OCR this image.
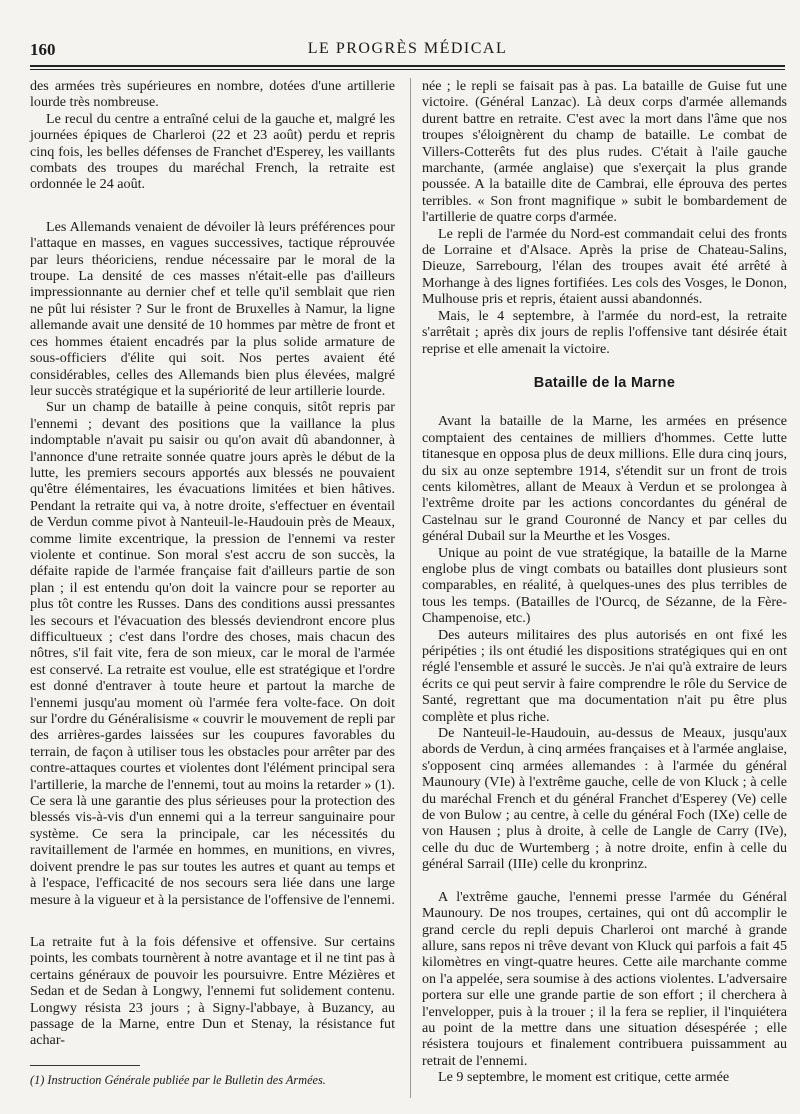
160	LE PROGRÈS MÉDICAL

des armées très supérieures en nombre, dotées d'une artillerie lourde très nombreuse.

Le recul du centre a entraîné celui de la gauche et, malgré les journées épiques de Charleroi (22 et 23 août) perdu et repris cinq fois, les belles défenses de Franchet d'Esperey, les vaillants combats des troupes du maréchal French, la retraite est ordonnée le 24 août.

Les Allemands venaient de dévoiler là leurs préférences pour l'attaque en masses, en vagues successives, tactique réprouvée par leurs théoriciens, rendue nécessaire par le moral de la troupe. La densité de ces masses n'était-elle pas d'ailleurs impressionnante au dernier chef et telle qu'il semblait que rien ne pût lui résister ? Sur le front de Bruxelles à Namur, la ligne allemande avait une densité de 10 hommes par mètre de front et ces hommes étaient encadrés par la plus solide armature de sous-officiers d'élite qui soit. Nos pertes avaient été considérables, celles des Allemands bien plus élevées, malgré leur succès stratégique et la supériorité de leur artillerie lourde.

Sur un champ de bataille à peine conquis, sitôt repris par l'ennemi ; devant des positions que la vaillance la plus indomptable n'avait pu saisir ou qu'on avait dû abandonner, à l'annonce d'une retraite sonnée quatre jours après le début de la lutte, les premiers secours apportés aux blessés ne pouvaient qu'être élémentaires, les évacuations limitées et bien hâtives. Pendant la retraite qui va, à notre droite, s'effectuer en éventail de Verdun comme pivot à Nanteuil-le-Haudouin près de Meaux, comme limite excentrique, la pression de l'ennemi va rester violente et continue. Son moral s'est accru de son succès, la défaite rapide de l'armée française fait d'ailleurs partie de son plan ; il est entendu qu'on doit la vaincre pour se reporter au plus tôt contre les Russes. Dans des conditions aussi pressantes les secours et l'évacuation des blessés deviendront encore plus difficultueux ; c'est dans l'ordre des choses, mais chacun des nôtres, s'il fait vite, fera de son mieux, car le moral de l'armée est conservé. La retraite est voulue, elle est stratégique et l'ordre est donné d'entraver à toute heure et partout la marche de l'ennemi jusqu'au moment où l'armée fera volte-face. On doit sur l'ordre du Généralisisme « couvrir le mouvement de repli par des arrières-gardes laissées sur les coupures favorables du terrain, de façon à utiliser tous les obstacles pour arrêter par des contre-attaques courtes et violentes dont l'élément principal sera l'artillerie, la marche de l'ennemi, tout au moins la retarder » (1). Ce sera là une garantie des plus sérieuses pour la protection des blessés vis-à-vis d'un ennemi qui a la terreur sanguinaire pour système. Ce sera la principale, car les nécessités du ravitaillement de l'armée en hommes, en munitions, en vivres, doivent prendre le pas sur toutes les autres et quant au temps et à l'espace, l'efficacité de nos secours sera liée dans une large mesure à la vigueur et à la persistance de l'offensive de l'ennemi.

La retraite fut à la fois défensive et offensive. Sur certains points, les combats tournèrent à notre avantage et il ne tint pas à certains généraux de pouvoir les poursuivre. Entre Mézières et Sedan et de Sedan à Longwy, l'ennemi fut solidement contenu. Longwy résista 23 jours ; à Signy-l'abbaye, à Buzancy, au passage de la Marne, entre Dun et Stenay, la résistance fut achar-

(1) Instruction Générale publiée par le Bulletin des Armées.

née ; le repli se faisait pas à pas. La bataille de Guise fut une victoire. (Général Lanzac). Là deux corps d'armée allemands durent battre en retraite. C'est avec la mort dans l'âme que nos troupes s'éloignèrent du champ de bataille. Le combat de Villers-Cotterêts fut des plus rudes. C'était à l'aile gauche marchante, (armée anglaise) que s'exerçait la plus grande poussée. A la bataille dite de Cambrai, elle éprouva des pertes terribles. « Son front magnifique » subit le bombardement de l'artillerie de quatre corps d'armée.

Le repli de l'armée du Nord-est commandait celui des fronts de Lorraine et d'Alsace. Après la prise de Chateau-Salins, Dieuze, Sarrebourg, l'élan des troupes avait été arrêté à Morhange à des lignes fortifiées. Les cols des Vosges, le Donon, Mulhouse pris et repris, étaient aussi abandonnés.

Mais, le 4 septembre, à l'armée du nord-est, la retraite s'arrêtait ; après dix jours de replis l'offensive tant désirée était reprise et elle amenait la victoire.

Bataille de la Marne

Avant la bataille de la Marne, les armées en présence comptaient des centaines de milliers d'hommes. Cette lutte titanesque en opposa plus de deux millions. Elle dura cinq jours, du six au onze septembre 1914, s'étendit sur un front de trois cents kilomètres, allant de Meaux à Verdun et se prolongea à l'extrême droite par les actions concordantes du général de Castelnau sur le grand Couronné de Nancy et par celles du général Dubail sur la Meurthe et les Vosges.

Unique au point de vue stratégique, la bataille de la Marne englobe plus de vingt combats ou batailles dont plusieurs sont comparables, en réalité, à quelques-unes des plus terribles de tous les temps. (Batailles de l'Ourcq, de Sézanne, de la Fère-Champenoise, etc.)

Des auteurs militaires des plus autorisés en ont fixé les péripéties ; ils ont étudié les dispositions stratégiques qui en ont réglé l'ensemble et assuré le succès. Je n'ai qu'à extraire de leurs écrits ce qui peut servir à faire comprendre le rôle du Service de Santé, regrettant que ma documentation n'ait pu être plus complète et plus riche.

De Nanteuil-le-Haudouin, au-dessus de Meaux, jusqu'aux abords de Verdun, à cinq armées françaises et à l'armée anglaise, s'opposent cinq armées allemandes : à l'armée du général Maunoury (VIe) à l'extrême gauche, celle de von Kluck ; à celle du maréchal French et du général Franchet d'Esperey (Ve) celle de von Bulow ; au centre, à celle du général Foch (IXe) celle de von Hausen ; plus à droite, à celle de Langle de Carry (IVe), celle du duc de Wurtemberg ; à notre droite, enfin à celle du général Sarrail (IIIe) celle du kronprinz.

A l'extrême gauche, l'ennemi presse l'armée du Général Maunoury. De nos troupes, certaines, qui ont dû accomplir le grand cercle du repli depuis Charleroi ont marché à grande allure, sans repos ni trêve devant von Kluck qui parfois a fait 45 kilomètres en vingt-quatre heures. Cette aile marchante comme on l'a appelée, sera soumise à des actions violentes. L'adversaire portera sur elle une grande partie de son effort ; il cherchera à l'envelopper, puis à la trouer ; il la fera se replier, il l'inquiétera au point de la mettre dans une situation désespérée ; elle résistera toujours et finalement contribuera puissamment au retrait de l'ennemi.

Le 9 septembre, le moment est critique, cette armée
